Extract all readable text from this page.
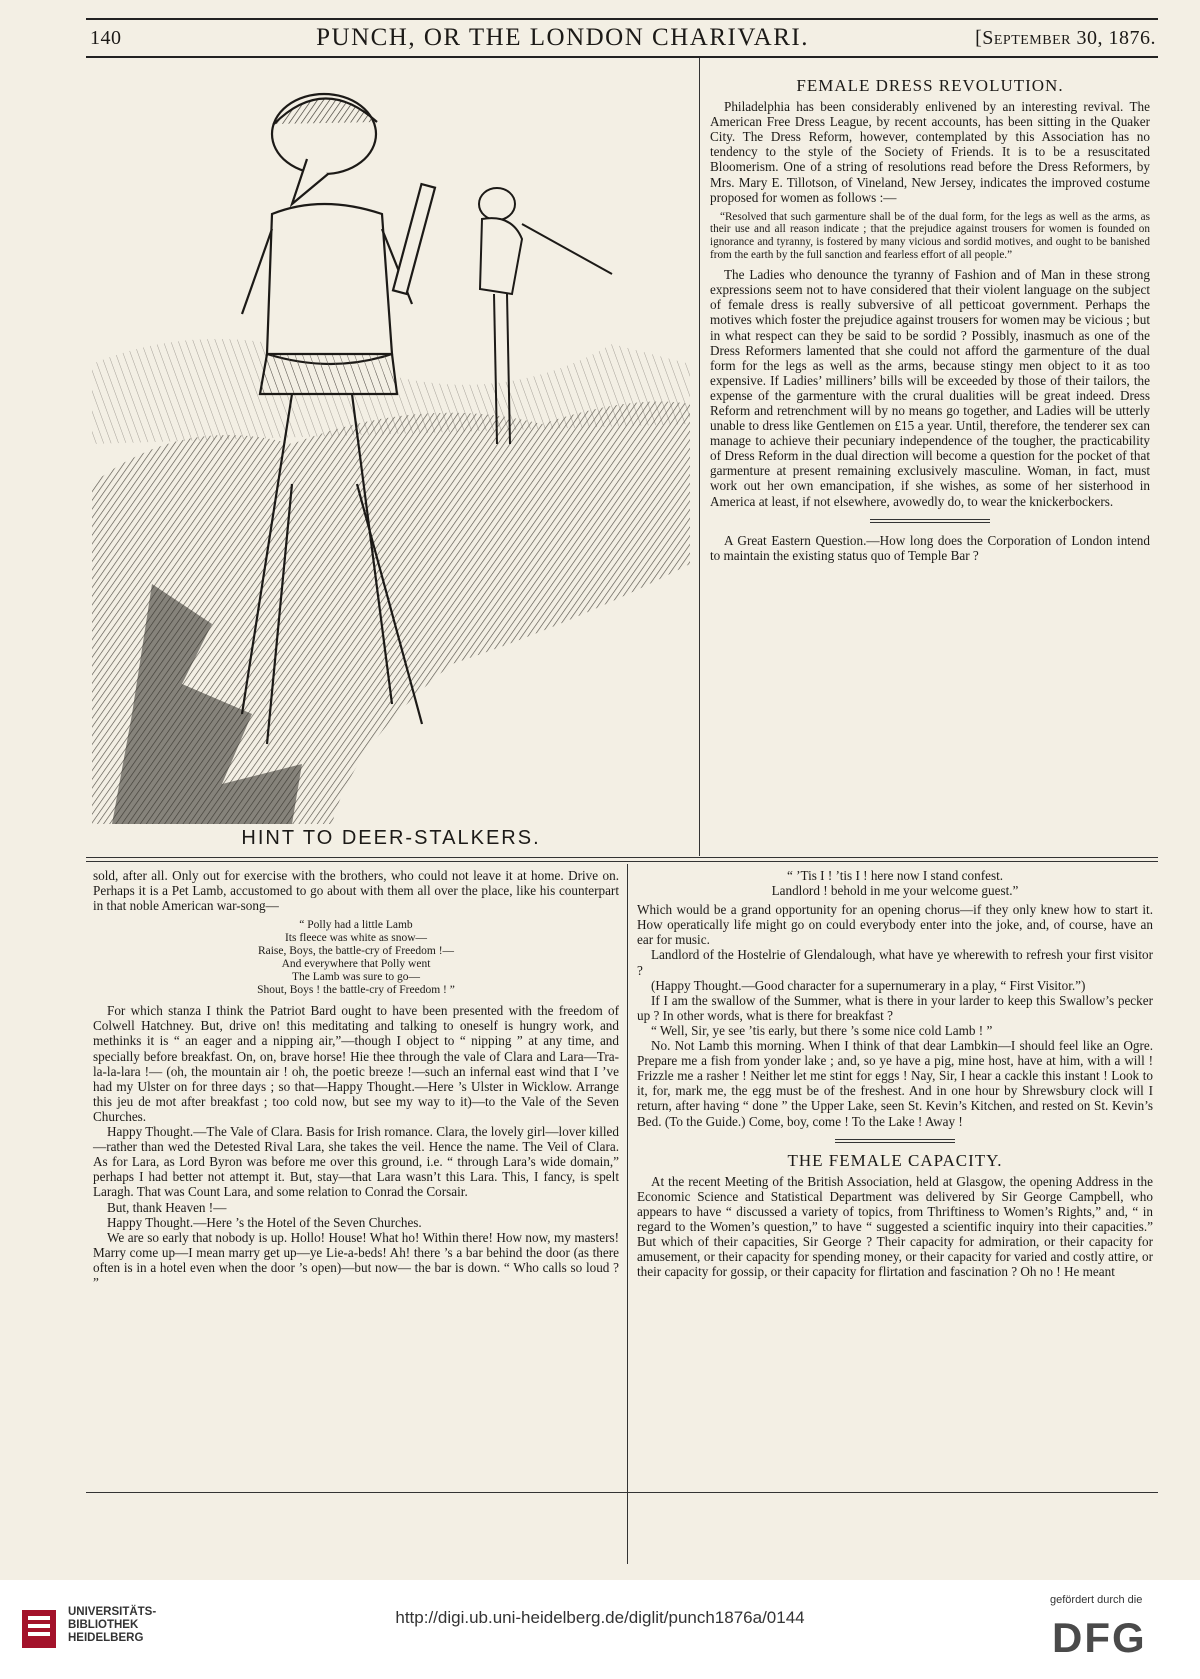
140	PUNCH, OR THE LONDON CHARIVARI.	[September 30, 1876.
HINT TO DEER-STALKERS.
FEMALE DRESS REVOLUTION.

Philadelphia has been considerably enlivened by an interesting revival. The American Free Dress League, by recent accounts, has been sitting in the Quaker City. The Dress Reform, however, contemplated by this Association has no tendency to the style of the Society of Friends. It is to be a resuscitated Bloomerism. One of a string of resolutions read before the Dress Reformers, by Mrs. Mary E. Tillotson, of Vineland, New Jersey, indicates the improved costume proposed for women as follows :—

“Resolved that such garmenture shall be of the dual form, for the legs as well as the arms, as their use and all reason indicate ; that the prejudice against trousers for women is founded on ignorance and tyranny, is fostered by many vicious and sordid motives, and ought to be banished from the earth by the full sanction and fearless effort of all people.”

The Ladies who denounce the tyranny of Fashion and of Man in these strong expressions seem not to have considered that their violent language on the subject of female dress is really subversive of all petticoat government. Perhaps the motives which foster the prejudice against trousers for women may be vicious ; but in what respect can they be said to be sordid ? Possibly, inasmuch as one of the Dress Reformers lamented that she could not afford the garmenture of the dual form for the legs as well as the arms, because stingy men object to it as too expensive. If Ladies’ milliners’ bills will be exceeded by those of their tailors, the expense of the garmenture with the crural dualities will be great indeed. Dress Reform and retrenchment will by no means go together, and Ladies will be utterly unable to dress like Gentlemen on £15 a year. Until, therefore, the tenderer sex can manage to achieve their pecuniary independence of the tougher, the practicability of Dress Reform in the dual direction will become a question for the pocket of that garmenture at present remaining exclusively masculine. Woman, in fact, must work out her own emancipation, if she wishes, as some of her sisterhood in America at least, if not elsewhere, avowedly do, to wear the knickerbockers.

A Great Eastern Question.—How long does the Corporation of London intend to maintain the existing status quo of Temple Bar ?

sold, after all. Only out for exercise with the brothers, who could not leave it at home. Drive on. Perhaps it is a Pet Lamb, accustomed to go about with them all over the place, like his counterpart in that noble American war-song—

“ Polly had a little Lamb
Its fleece was white as snow—
Raise, Boys, the battle-cry of Freedom !—
And everywhere that Polly went
The Lamb was sure to go—
Shout, Boys ! the battle-cry of Freedom ! ”

For which stanza I think the Patriot Bard ought to have been presented with the freedom of Colwell Hatchney. But, drive on! this meditating and talking to oneself is hungry work, and methinks it is “ an eager and a nipping air,”—though I object to “ nipping ” at any time, and specially before breakfast. On, on, brave horse! Hie thee through the vale of Clara and Lara—Tra-la-la-lara !— (oh, the mountain air ! oh, the poetic breeze !—such an infernal east wind that I ’ve had my Ulster on for three days ; so that—Happy Thought.—Here ’s Ulster in Wicklow. Arrange this jeu de mot after breakfast ; too cold now, but see my way to it)—to the Vale of the Seven Churches.

Happy Thought.—The Vale of Clara. Basis for Irish romance. Clara, the lovely girl—lover killed—rather than wed the Detested Rival Lara, she takes the veil. Hence the name. The Veil of Clara. As for Lara, as Lord Byron was before me over this ground, i.e. “ through Lara’s wide domain,” perhaps I had better not attempt it. But, stay—that Lara wasn’t this Lara. This, I fancy, is spelt Laragh. That was Count Lara, and some relation to Conrad the Corsair.

But, thank Heaven !—

Happy Thought.—Here ’s the Hotel of the Seven Churches.

We are so early that nobody is up. Hollo! House! What ho! Within there! How now, my masters! Marry come up—I mean marry get up—ye Lie-a-beds! Ah! there ’s a bar behind the door (as there often is in a hotel even when the door ’s open)—but now— the bar is down. “ Who calls so loud ? ”

“ ’Tis I ! ’tis I ! here now I stand confest.

Landlord ! behold in me your welcome guest.”

Which would be a grand opportunity for an opening chorus—if they only knew how to start it. How operatically life might go on could everybody enter into the joke, and, of course, have an ear for music.

Landlord of the Hostelrie of Glendalough, what have ye wherewith to refresh your first visitor ?

(Happy Thought.—Good character for a supernumerary in a play, “ First Visitor.”)

If I am the swallow of the Summer, what is there in your larder to keep this Swallow’s pecker up ? In other words, what is there for breakfast ?

“ Well, Sir, ye see ’tis early, but there ’s some nice cold Lamb ! ”

No. Not Lamb this morning. When I think of that dear Lambkin—I should feel like an Ogre. Prepare me a fish from yonder lake ; and, so ye have a pig, mine host, have at him, with a will ! Frizzle me a rasher ! Neither let me stint for eggs ! Nay, Sir, I hear a cackle this instant ! Look to it, for, mark me, the egg must be of the freshest. And in one hour by Shrewsbury clock will I return, after having “ done ” the Upper Lake, seen St. Kevin’s Kitchen, and rested on St. Kevin’s Bed. (To the Guide.) Come, boy, come ! To the Lake ! Away !

THE FEMALE CAPACITY.

At the recent Meeting of the British Association, held at Glasgow, the opening Address in the Economic Science and Statistical Department was delivered by Sir George Campbell, who appears to have “ discussed a variety of topics, from Thriftiness to Women’s Rights,” and, “ in regard to the Women’s question,” to have “ suggested a scientific inquiry into their capacities.” But which of their capacities, Sir George ? Their capacity for admiration, or their capacity for amusement, or their capacity for spending money, or their capacity for varied and costly attire, or their capacity for gossip, or their capacity for flirtation and fascination ? Oh no ! He meant

UNIVERSITÄTS-
BIBLIOTHEK
HEIDELBERG
http://digi.ub.uni-heidelberg.de/diglit/punch1876a/0144
gefördert durch die
DFG
